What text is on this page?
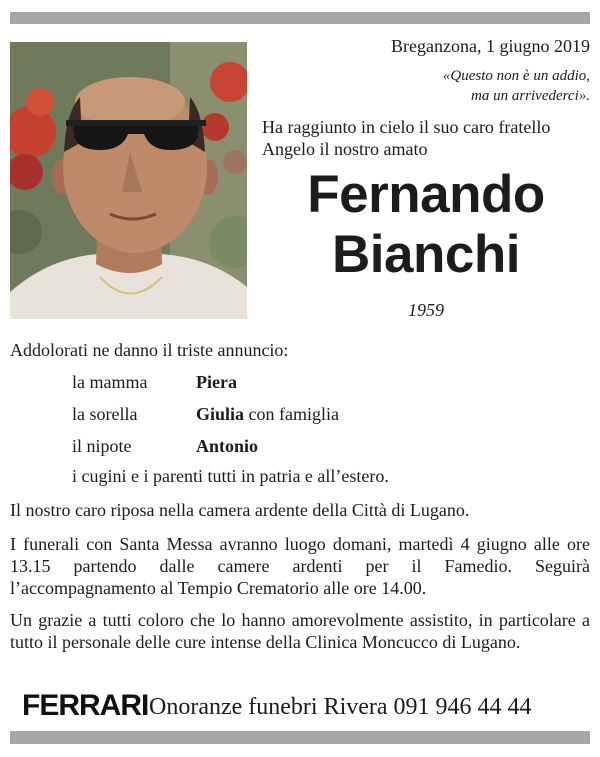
Breganzona, 1 giugno 2019
«Questo non è un addio,
ma un arrivederci».
Ha raggiunto in cielo il suo caro fratello
Angelo il nostro amato
Fernando
Bianchi
1959
Addolorati ne danno il triste annuncio:
la mamma	Piera
la sorella	Giulia con famiglia
il nipote	Antonio
i cugini e i parenti tutti in patria e all’estero.
Il nostro caro riposa nella camera ardente della Città di Lugano.
I funerali con Santa Messa avranno luogo domani, martedì 4 giugno alle ore 13.15 partendo dalle camere ardenti per il Famedio. Seguirà l’accompagnamento al Tempio Crematorio alle ore 14.00.
Un grazie a tutti coloro che lo hanno amorevolmente assistito, in particolare a tutto il personale delle cure intense della Clinica Moncucco di Lugano.
FERRARI Onoranze funebri Rivera 091 946 44 44
